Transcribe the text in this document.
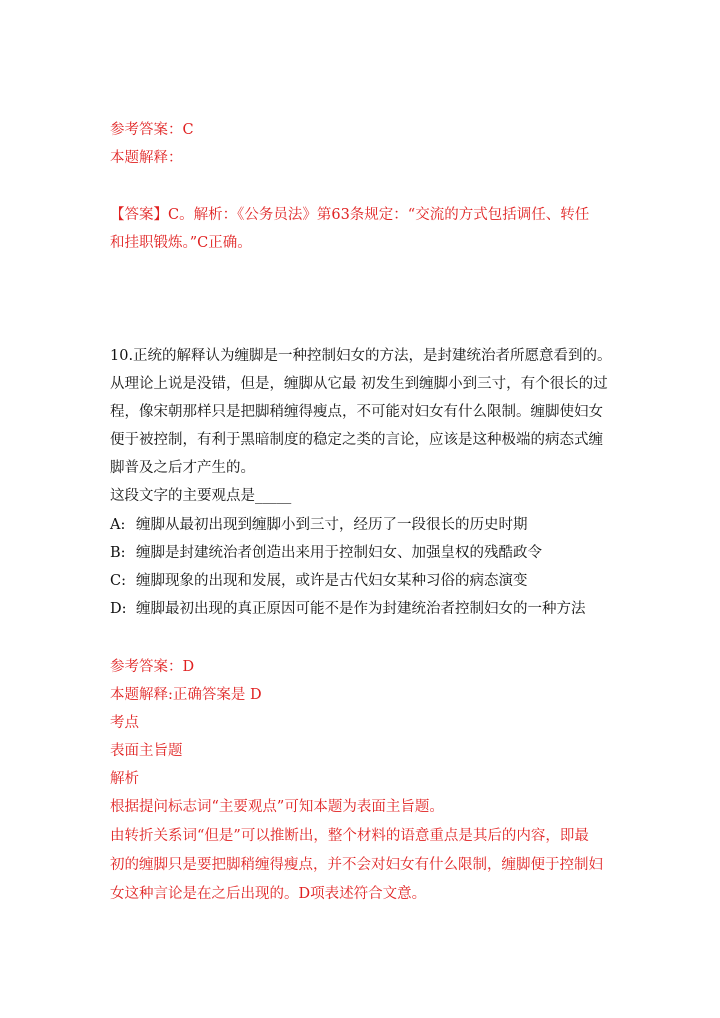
参考答案：C
本题解释：
【答案】C。解析：《公务员法》第63条规定：“交流的方式包括调任、转任
和挂职锻炼。”C正确。
10.正统的解释认为缠脚是一种控制妇女的方法，是封建统治者所愿意看到的。
从理论上说是没错，但是，缠脚从它最 初发生到缠脚小到三寸，有个很长的过
程，像宋朝那样只是把脚稍缠得瘦点，不可能对妇女有什么限制。缠脚使妇女
便于被控制，有利于黑暗制度的稳定之类的言论，应该是这种极端的病态式缠
脚普及之后才产生的。
这段文字的主要观点是_____
A: 缠脚从最初出现到缠脚小到三寸，经历了一段很长的历史时期
B: 缠脚是封建统治者创造出来用于控制妇女、加强皇权的残酷政令
C: 缠脚现象的出现和发展，或许是古代妇女某种习俗的病态演变
D: 缠脚最初出现的真正原因可能不是作为封建统治者控制妇女的一种方法
参考答案：D
本题解释:正确答案是 D
考点
表面主旨题
解析
根据提问标志词“主要观点”可知本题为表面主旨题。
由转折关系词“但是”可以推断出，整个材料的语意重点是其后的内容，即最
初的缠脚只是要把脚稍缠得瘦点，并不会对妇女有什么限制，缠脚便于控制妇
女这种言论是在之后出现的。D项表述符合文意。
